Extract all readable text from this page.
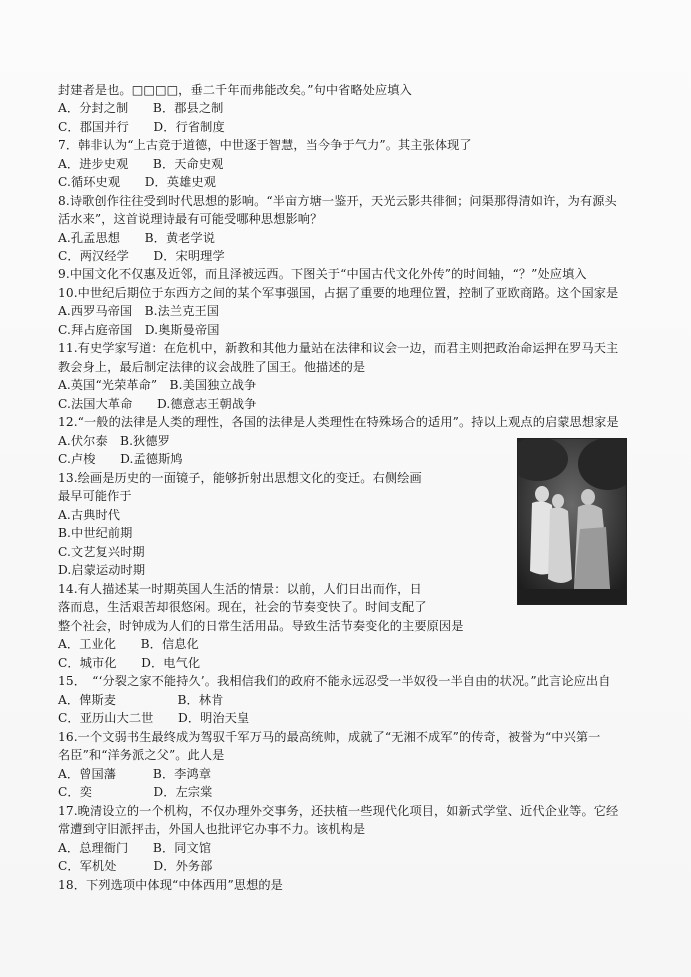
封建者是也。□□□□，垂二千年而弗能改矣。”句中省略处应填入
A．分封之制　　B．郡县之制
C．郡国并行　　D．行省制度
7．韩非认为“上古竞于道德，中世逐于智慧，当今争于气力”。其主张体现了
A．进步史观　　B．天命史观
C.循环史观　　D．英雄史观
8.诗歌创作往往受到时代思想的影响。“半亩方塘一鉴开，天光云影共徘徊；问渠那得清如许，为有源头
活水来”，这首说理诗最有可能受哪种思想影响？
A.孔孟思想　　B．黄老学说
C．两汉经学　　D．宋明理学
9.中国文化不仅惠及近邻，而且泽被远西。下图关于“中国古代文化外传”的时间轴，“？”处应填入
10.中世纪后期位于东西方之间的某个军事强国，占据了重要的地理位置，控制了亚欧商路。这个国家是
A.西罗马帝国　B.法兰克王国
C.拜占庭帝国　D.奥斯曼帝国
11.有史学家写道：在危机中，新教和其他力量站在法律和议会一边，而君主则把政治命运押在罗马天主
教会身上，最后制定法律的议会战胜了国王。他描述的是
A.英国“光荣革命”　B.美国独立战争
C.法国大革命　　D.德意志王朝战争
12.“一般的法律是人类的理性，各国的法律是人类理性在特殊场合的适用”。持以上观点的启蒙思想家是
A.伏尔泰　B.狄德罗
C.卢梭　　D.孟德斯鸠
13.绘画是历史的一面镜子，能够折射出思想文化的变迁。右侧绘画
最早可能作于
A.古典时代
B.中世纪前期
C.文艺复兴时期
D.启蒙运动时期
14.有人描述某一时期英国人生活的情景：以前，人们日出而作，日
落而息，生活艰苦却很悠闲。现在，社会的节奏变快了。时间支配了
整个社会，时钟成为人们的日常生活用品。导致生活节奏变化的主要原因是
A．工业化　　B．信息化
C．城市化　　D．电气化
15．　“‘分裂之家不能持久’。我相信我们的政府不能永远忍受一半奴役一半自由的状况。”此言论应出自
A．俾斯麦　　　　　B．林肯
C．亚历山大二世　　D．明治天皇
16.一个文弱书生最终成为驾驭千军万马的最高统帅，成就了“无湘不成军”的传奇，被誉为“中兴第一
名臣”和“洋务派之父”。此人是
A．曾国藩　　　B．李鸿章
C．奕　　　　　D．左宗棠
17.晚清设立的一个机构，不仅办理外交事务，还扶植一些现代化项目，如新式学堂、近代企业等。它经
常遭到守旧派抨击，外国人也批评它办事不力。该机构是
A．总理衙门　　B．同文馆
C．军机处　　　D．外务部
18．下列选项中体现“中体西用”思想的是
